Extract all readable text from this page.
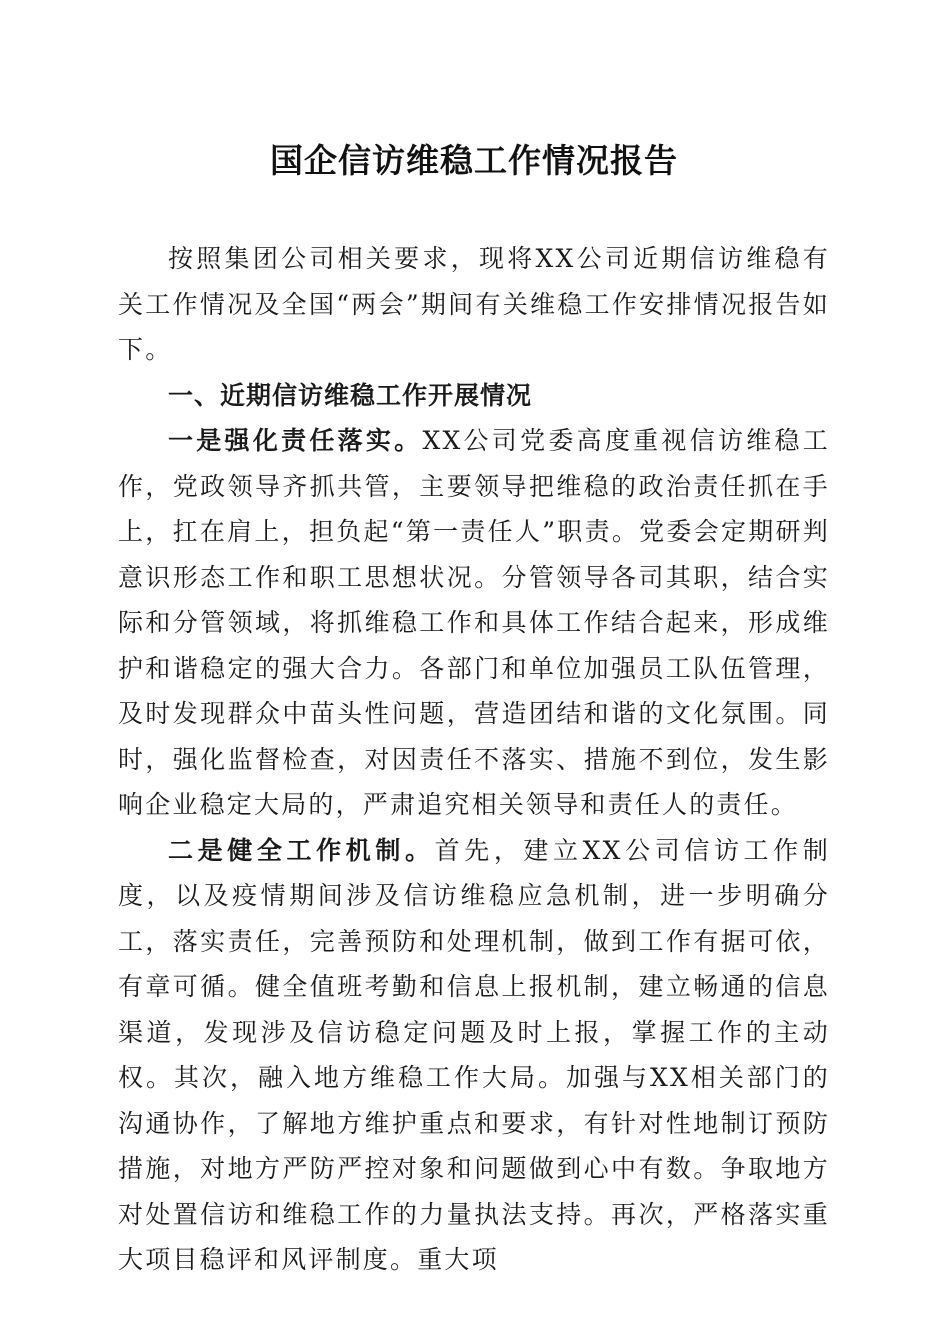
国企信访维稳工作情况报告

按照集团公司相关要求，现将XX公司近期信访维稳有关工作情况及全国“两会”期间有关维稳工作安排情况报告如下。

一、近期信访维稳工作开展情况

一是强化责任落实。XX公司党委高度重视信访维稳工作，党政领导齐抓共管，主要领导把维稳的政治责任抓在手上，扛在肩上，担负起“第一责任人”职责。党委会定期研判意识形态工作和职工思想状况。分管领导各司其职，结合实际和分管领域，将抓维稳工作和具体工作结合起来，形成维护和谐稳定的强大合力。各部门和单位加强员工队伍管理，及时发现群众中苗头性问题，营造团结和谐的文化氛围。同时，强化监督检查，对因责任不落实、措施不到位，发生影响企业稳定大局的，严肃追究相关领导和责任人的责任。

二是健全工作机制。首先，建立XX公司信访工作制度，以及疫情期间涉及信访维稳应急机制，进一步明确分工，落实责任，完善预防和处理机制，做到工作有据可依，有章可循。健全值班考勤和信息上报机制，建立畅通的信息渠道，发现涉及信访稳定问题及时上报，掌握工作的主动权。其次，融入地方维稳工作大局。加强与XX相关部门的沟通协作，了解地方维护重点和要求，有针对性地制订预防措施，对地方严防严控对象和问题做到心中有数。争取地方对处置信访和维稳工作的力量执法支持。再次，严格落实重大项目稳评和风评制度。重大项
